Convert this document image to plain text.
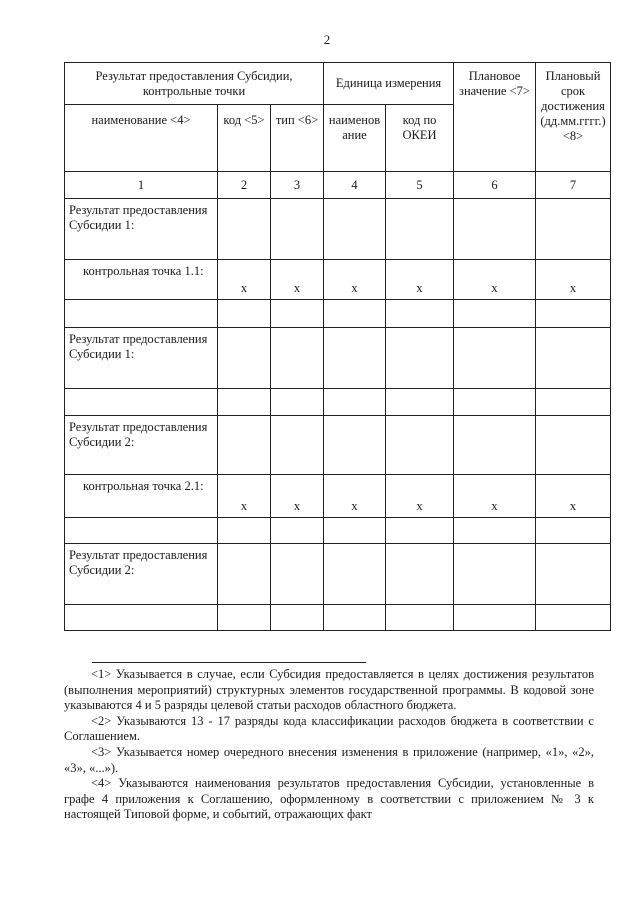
2
Результат предоставления Субсидии, контрольные точки			Единица измерения		Плановое значение <7>	Плановый срок достижения (дд.мм.гггг.) <8>
наименование <4>	код <5>	тип <6>	наименование	код по ОКЕИ		
1	2	3	4	5	6	7
Результат предоставления Субсидии 1:						
контрольная точка 1.1:	x	x	x	x	x	x

Результат предоставления Субсидии 1:						

Результат предоставления Субсидии 2:						
контрольная точка 2.1:	x	x	x	x	x	x

Результат предоставления Субсидии 2:						

<1> Указывается в случае, если Субсидия предоставляется в целях достижения результатов (выполнения мероприятий) структурных элементов государственной программы. В кодовой зоне указываются 4 и 5 разряды целевой статьи расходов областного бюджета.

<2> Указываются 13 - 17 разряды кода классификации расходов бюджета в соответствии с Соглашением.

<3> Указывается номер очередного внесения изменения в приложение (например, «1», «2», «3», «...»).

<4> Указываются наименования результатов предоставления Субсидии, установленные в графе 4 приложения к Соглашению, оформленному в соответствии с приложением № 3 к настоящей Типовой форме, и событий, отражающих факт
